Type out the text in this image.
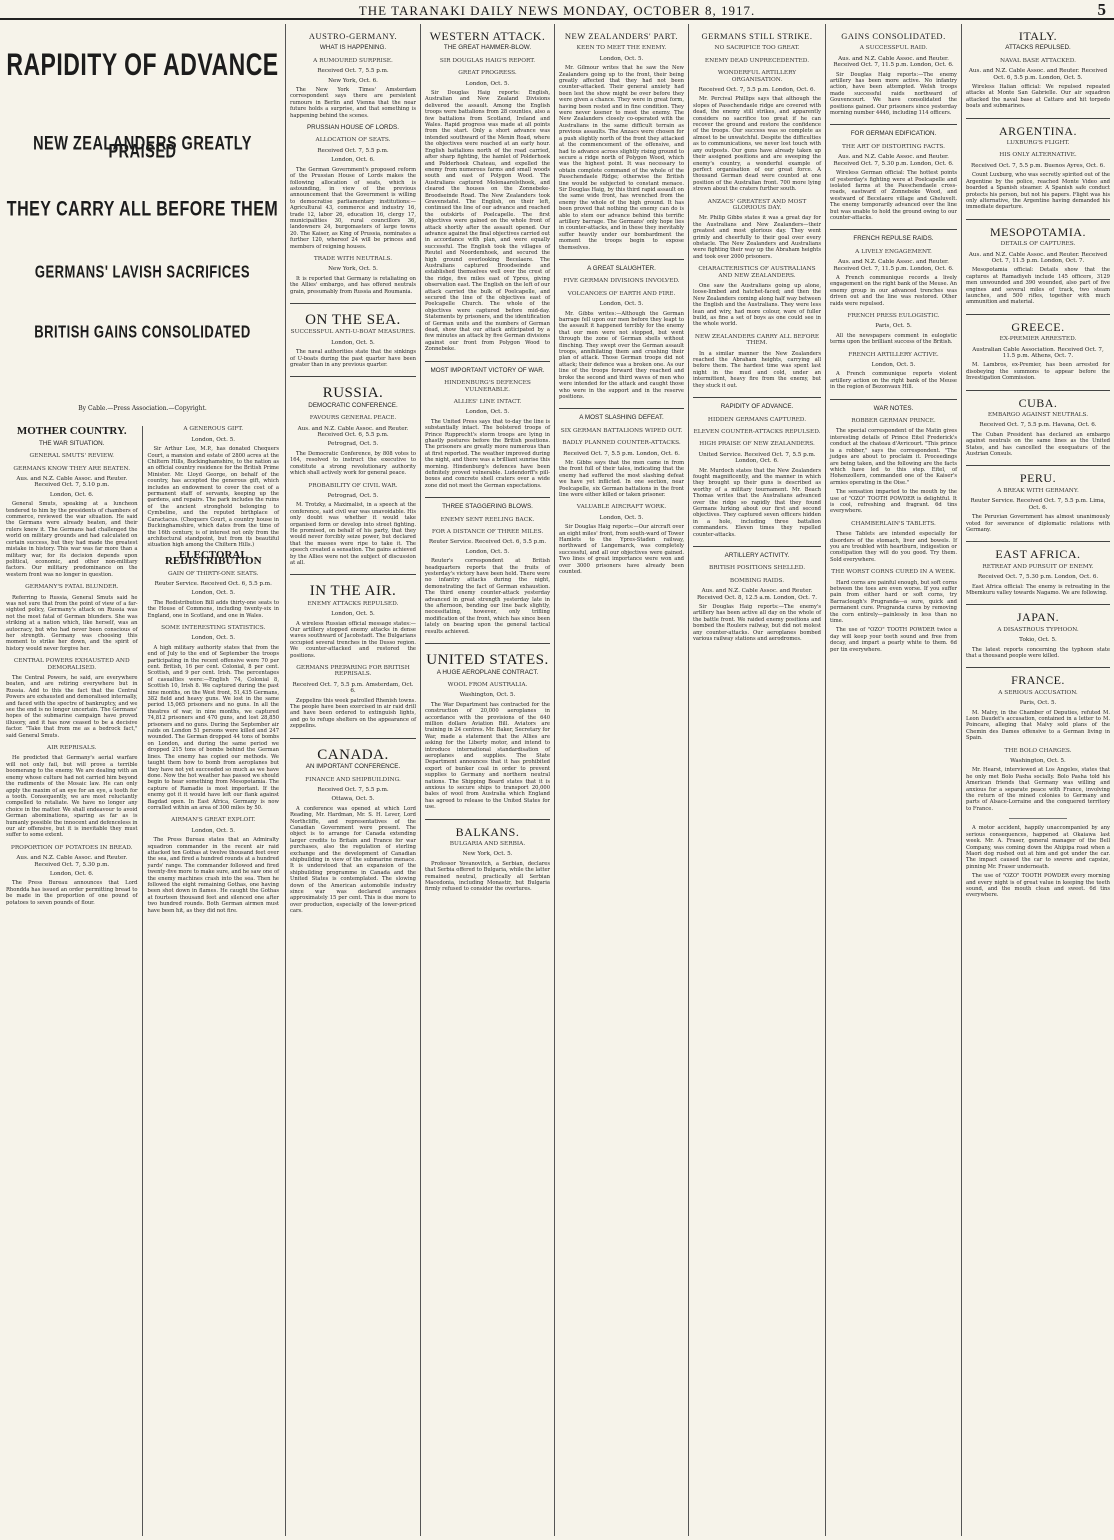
THE TARANAKI DAILY NEWS MONDAY, OCTOBER 8, 1917.	5
RAPIDITY OF ADVANCE
NEW ZEALANDERS GREATLY PRAISED
THEY CARRY ALL BEFORE THEM
GERMANS' LAVISH SACRIFICES
BRITISH GAINS CONSOLIDATED
By Cable.—Press Association.—Copyright.
MOTHER COUNTRY.
THE WAR SITUATION.
GENERAL SMUTS' REVIEW.
GERMANS KNOW THEY ARE BEATEN.
Aus. and N.Z. Cable Assoc. and Reuter. Received Oct. 7, 5.10 p.m.
London, Oct. 6.

General Smuts, speaking at a luncheon tendered to him by the presidents of chambers of commerce, reviewed the war situation. He said the Germans were already beaten, and their rulers knew it. The Germans had challenged the world on military grounds and had calculated on certain success, but they had made the greatest mistake in history. This war was far more than a military war, for its decision depends upon political, economic, and other non-military factors. Our military predominance on the western front was no longer in question.

GERMANY'S FATAL BLUNDER.

Referring to Russia, General Smuts said he was not sure that from the point of view of a far-sighted policy, Germany's attack on Russia was not the most fatal of German blunders. She was striking at a nation which, like herself, was an autocracy, but who had never been conscious of her strength. Germany was choosing this moment to strike her down, and the spirit of history would never forgive her.

CENTRAL POWERS EXHAUSTED AND DEMORALISED.

The Central Powers, he said, are everywhere beaten, and are retiring everywhere but in Russia. Add to this the fact that the Central Powers are exhausted and demoralised internally, and faced with the spectre of bankruptcy, and we see the end is no longer uncertain. The Germans' hopes of the submarine campaign have proved illusory, and it has now ceased to be a decisive factor. "Take that from me as a bedrock fact," said General Smuts.

AIR REPRISALS.

He predicted that Germany's aerial warfare will not only fail, but will prove a terrible boomerang to the enemy. We are dealing with an enemy whose culture had not carried him beyond the rudiments of the Mosaic law. He can only apply the maxim of an eye for an eye, a tooth for a tooth. Consequently, we are most reluctantly compelled to retaliate. We have no longer any choice in the matter. We shall endeavour to avoid German abominations, sparing as far as is humanly possible the innocent and defenceless in our air offensive, but it is inevitable they must suffer to some extent.

PROPORTION OF POTATOES IN BREAD.
Aus. and N.Z. Cable Assoc. and Reuter. Received Oct. 7, 5.30 p.m.
London, Oct. 6.

The Press Bureau announces that Lord Rhondda has issued an order permitting bread to be made in the proportion of one pound of potatoes to seven pounds of flour.

A GENEROUS GIFT.
London, Oct. 5.

Sir Arthur Lee, M.P., has donated Chequers Court, a mansion and estate of 2800 acres at the Chiltern Hills, Buckinghamshire, to the nation as an official country residence for the British Prime Minister. Mr. Lloyd George, on behalf of the country, has accepted the generous gift, which includes an endowment to cover the cost of a permanent staff of servants, keeping up the gardens, and repairs. The park includes the ruins of the ancient stronghold belonging to Cymbeline, and the reputed birthplace of Caractacus. (Chequers Court, a country house in Buckinghamshire, which dates from the time of the 16th century, is of interest not only from the architectural standpoint, but from its beautiful situation high among the Chiltern Hills.)

ELECTORAL REDISTRIBUTION
GAIN OF THIRTY-ONE SEATS.
Reuter Service. Received Oct. 6, 5.5 p.m.
London, Oct. 5.

The Redistribution Bill adds thirty-one seats to the House of Commons, including twenty-six in England, one in Scotland, and one in Wales.

SOME INTERESTING STATISTICS.
London, Oct. 5.

A high military authority states that from the end of July to the end of September the troops participating in the recent offensive were 70 per cent. British, 16 per cent. Colonial, 8 per cent. Scottish, and 9 per cent. Irish. The percentages of casualties were:—English 74, Colonial 8, Scottish 10, Irish 8. We captured during the past nine months, on the West front, 51,435 Germans, 382 field and heavy guns. We lost in the same period 15,065 prisoners and no guns. In all the theatres of war, in nine months, we captured 74,812 prisoners and 470 guns, and lost 28,850 prisoners and no guns. During the September air raids on London 51 persons were killed and 247 wounded. The German dropped 44 tons of bombs on London, and during the same period we dropped 215 tons of bombs behind the German lines. The enemy has copied our methods. We taught them how to bomb from aeroplanes but they have not yet succeeded so much as we have done. Now the hot weather has passed we should begin to hear something from Mesopotamia. The capture of Ramadie is most important. If the enemy got it it would have left our flank against Bagdad open. In East Africa, Germany is now corralled within an area of 300 miles by 50.

AIRMAN'S GREAT EXPLOIT.
London, Oct. 5.

The Press Bureau states that an Admiralty squadron commander in the recent air raid attacked ten Gothas at twelve thousand feet over the sea, and fired a hundred rounds at a hundred yards' range. The commander followed and fired twenty-five more to make sure, and he saw one of the enemy machines crash into the sea. Then he followed the eight remaining Gothas, one having been shot down in flames. He caught the Gothas at fourteen thousand feet and silenced one after two hundred rounds. Both German airmen must have been hit, as they did not fire.

AUSTRO-GERMANY.
WHAT IS HAPPENING.
A RUMOURED SURPRISE.
Received Oct. 7, 5.5 p.m.
New York, Oct. 6.

The New York Times' Amsterdam correspondent says there are persistent rumours in Berlin and Vienna that the near future holds a surprise, and that something is happening behind the scenes.

PRUSSIAN HOUSE OF LORDS.
ALLOCATION OF SEATS.
Received Oct. 7, 5.5 p.m.
London, Oct. 6.

The German Government's proposed reform of the Prussian House of Lords makes the following allocation of seats, which is astounding, in view of the previous announcement that the Government is willing to democratise parliamentary institutions:—Agricultural 43, commerce and industry 16, trade 12, labor 26, education 16, clergy 17, municipalities 30, rural councillors 36, landowners 24, burgomasters of large towns 20. The Kaiser, as King of Prussia, nominates a further 120, whereof 24 will be princes and members of reigning houses.

TRADE WITH NEUTRALS.
New York, Oct. 5.

It is reported that Germany is retaliating on the Allies' embargo, and has offered neutrals grain, presumably from Russia and Roumania.

ON THE SEA.
SUCCESSFUL ANTI-U-BOAT MEASURES.
London, Oct. 5.

The naval authorities state that the sinkings of U-boats during the past quarter have been greater than in any previous quarter.

RUSSIA.
DEMOCRATIC CONFERENCE.
FAVOURS GENERAL PEACE.
Aus. and N.Z. Cable Assoc. and Reuter. Received Oct. 6, 5.5 p.m.
Petrograd, Oct. 5.

The Democratic Conference, by 808 votes to 164, resolved to instruct the executive to constitute a strong revolutionary authority which shall actively work for general peace.

PROBABILITY OF CIVIL WAR.
Petrograd, Oct. 5.

M. Trotzky, a Maximalist, in a speech at the conference, said civil war was unavoidable. His only doubt was whether it would take organised form or develop into street fighting. He promised, on behalf of his party, that they would never forcibly seize power, but declared that the masses were ripe to take it. The speech created a sensation. The gains achieved by the Allies were not the subject of discussion at all.

IN THE AIR.
ENEMY ATTACKS REPULSED.
London, Oct. 5.

A wireless Russian official message states:—Our artillery stopped enemy attacks in dense waves southward of Jacobstadt. The Bulgarians occupied several trenches in the Dusso region. We counter-attacked and restored the positions.

GERMANS PREPARING FOR BRITISH REPRISALS.
Received Oct. 7, 5.5 p.m. Amsterdam, Oct. 6.

Zeppelins this week patrolled Rhenish towns. The people have been exercised in air raid drill and have been ordered to extinguish lights, and go to refuge shelters on the appearance of zeppelins.

CANADA.
AN IMPORTANT CONFERENCE.
FINANCE AND SHIPBUILDING.
Received Oct. 7, 5.5 p.m.
Ottawa, Oct. 5.

A conference was opened at which Lord Reading, Mr. Hardman, Mr. S. H. Lever, Lord Northcliffe, and representatives of the Canadian Government were present. The object is to arrange for Canada extending larger credits to Britain and France for war purchases, also the regulation of sterling exchange and the development of Canadian shipbuilding in view of the submarine menace. It is understood that an expansion of the shipbuilding programme in Canada and the United States is contemplated. The slowing down of the American automobile industry since war was declared averages approximately 15 per cent. This is due more to over production, especially of the lower-priced cars.

WESTERN ATTACK.
THE GREAT HAMMER-BLOW.
SIR DOUGLAS HAIG'S REPORT.
GREAT PROGRESS.
London, Oct. 5.

Sir Douglas Haig reports: English, Australian and New Zealand Divisions delivered the assault. Among the English troops were battalions from 28 counties, also a few battalions from Scotland, Ireland and Wales. Rapid progress was made at all points from the start. Only a short advance was intended southward of the Menin Road, where the objectives were reached at an early hour. English battalions north of the road carried, after sharp fighting, the hamlet of Polderhoek and Polderhoek Chateau, and expelled the enemy from numerous farms and small woods south and east of Polygon Wood. The Australians captured Molenaarelsthoek, and cleared the houses on the Zonnebeke-Broodseinde Road. The New Zealanders took Gravenstafel. The English, on their left, continued the line of our advance and reached the outskirts of Poelcapelle. The first objectives were gained on the whole front of attack shortly after the assault opened. Our advance against the final objectives carried out in accordance with plan, and were equally successful. The English took the villages of Reutel and Noordemhoek, and secured the high ground overlooking Becelaere. The Australians captured Broodseinde and established themselves well over the crest of the ridge, five miles east of Ypres, giving observation east. The English on the left of our attack carried the bulk of Poelcapelle, and secured the line of the objectives east of Poelcapelle Church. The whole of the objectives were captured before mid-day. Statements by prisoners, and the identification of German units and the numbers of German dead, show that our attack anticipated by a few minutes an attack by five German divisions against our front from Polygon Wood to Zonnebeke.

MOST IMPORTANT VICTORY OF WAR.
HINDENBURG'S DEFENCES VULNERABLE.
ALLIES' LINE INTACT.
London, Oct. 5.

The United Press says that to-day the line is substantially intact. The bolstered troops of Prince Rupprecht's storm troops are lying in ghastly postures before the British positions. The prisoners are greatly more numerous than at first reported. The weather improved during the night, and there was a brilliant sunrise this morning. Hindenburg's defences have been definitely proved vulnerable. Ludendorff's pill-boxes and concrete shell craters over a wide zone did not meet the German expectations.

THREE STAGGERING BLOWS.
ENEMY SENT REELING BACK.
FOR A DISTANCE OF THREE MILES.
Reuter Service. Received Oct. 6, 5.5 p.m.
London, Oct. 5.

Reuter's correspondent at British headquarters reports that the fruits of yesterday's victory have been held. There were no infantry attacks during the night, demonstrating the fact of German exhaustion. The third enemy counter-attack yesterday advanced in great strength yesterday late in the afternoon, bending our line back slightly, necessitating, however, only trifling modification of the front, which has since been lately on bearing upon the general tactical results achieved.

UNITED STATES.
A HUGE AEROPLANE CONTRACT.
WOOL FROM AUSTRALIA.
Washington, Oct. 5.

The War Department has contracted for the construction of 20,000 aeroplanes in accordance with the provisions of the 640 million dollars Aviation Bill. Aviators are training in 24 centres. Mr. Baker, Secretary for War, made a statement that the Allies are asking for the Liberty motor, and intend to introduce international standardisation of aeroplanes and supplies. The State Department announces that it has prohibited export of bunker coal in order to prevent supplies to Germany and northern neutral nations. The Shipping Board states that it is anxious to secure ships to transport 20,000 bales of wool from Australia which England has agreed to release to the United States for use.

BALKANS.
BULGARIA AND SERBIA.
New York, Oct. 5.

Professor Yovanovitch, a Serbian, declares that Serbia offered to Bulgaria, while the latter remained neutral, practically all Serbian Macedonia, including Monastir, but Bulgaria firmly refused to consider the overtures.

NEW ZEALANDERS' PART.
KEEN TO MEET THE ENEMY.
London, Oct. 5.

Mr. Gilmour writes that he saw the New Zealanders going up to the front, their being greatly affected that they had not been counter-attacked. Their general anxiety had been lest the show might be over before they were given a chance. They were in great form, having been rested and in fine condition. They were never keener to meet the enemy. The New Zealanders closely co-operated with the Australians in the same difficult terrain as previous assaults. The Anzacs were chosen for a push slightly north of the front they attacked at the commencement of the offensive, and had to advance across slightly rising ground to secure a ridge north of Polygon Wood, which was the highest point. It was necessary to obtain complete command of the whole of the Passchendaele Ridge; otherwise the British line would be subjected to constant menace. Sir Douglas Haig, by this third rapid assault on the same wide front, has wrenched from the enemy the whole of the high ground. It has been proved that nothing the enemy can do is able to stem our advance behind this terrific artillery barrage. The Germans' only hope lies in counter-attacks, and in these they inevitably suffer heavily under our bombardment the moment the troops begin to expose themselves.

A GREAT SLAUGHTER.
FIVE GERMAN DIVISIONS INVOLVED.
VOLCANOES OF EARTH AND FIRE.
London, Oct. 5.

Mr. Gibbs writes:—Although the German barrage fell upon our men before they leapt to the assault it happened terribly for the enemy that our men were not stopped, but went through the zone of German shells without flinching. They swept over the German assault troops, annihilating them and crushing their plan of attack. Those German troops did not attack; their defence was a broken one. As our line of the troops forward they reached and broke the second and third waves of men who were intended for the attack and caught those who were in the support and in the reserve positions.

A MOST SLASHING DEFEAT.
SIX GERMAN BATTALIONS WIPED OUT.
BADLY PLANNED COUNTER-ATTACKS.
Received Oct. 7, 5.5 p.m. London, Oct. 6.

Mr. Gibbs says that the men came in from the front full of their tales, indicating that the enemy had suffered the most slashing defeat we have yet inflicted. In one section, near Poelcapelle, six German battalions in the front line were either killed or taken prisoner.

VALUABLE AIRCRAFT WORK.
London, Oct. 5.

Sir Douglas Haig reports:—Our aircraft over an eight miles' front, from south-ward of Tower Hamlets to the Ypres-Staden railway, northward of Langemarck, was completely successful, and all our objectives were gained. Two lines of great importance were won and over 3000 prisoners have already been counted.

GERMANS STILL STRIKE.
NO SACRIFICE TOO GREAT.
ENEMY DEAD UNPRECEDENTED.
WONDERFUL ARTILLERY ORGANISATION.
Received Oct. 7, 5.5 p.m. London, Oct. 6.

Mr. Percival Phillips says that although the slopes of Passchendaele ridge are covered with dead, the enemy still strikes, and apparently considers no sacrifice too great if he can recover the ground and restore the confidence of the troops. Our success was so complete as almost to be unwatchful. Despite the difficulties as to communications, we never lost touch with any outposts. Our guns have already taken up their assigned positions and are sweeping the enemy's country, a wonderful example of perfect organisation of our great force. A thousand German dead were counted at one position of the Australian front. 700 more lying strewn about the craters further south.

ANZACS' GREATEST AND MOST GLORIOUS DAY.

Mr. Philip Gibbs states it was a great day for the Australians and New Zealanders—their greatest and most glorious day. They went grimly and cheerfully to their goal over every obstacle. The New Zealanders and Australians were fighting their way up the Abraham heights and took over 2000 prisoners.

CHARACTERISTICS OF AUSTRALIANS AND NEW ZEALANDERS.

One saw the Australians going up alone, loose-limbed and hatchet-faced; and then the New Zealanders coming along half way between the English and the Australians. They were less lean and wiry, had more colour, ware of fuller build, as fine a set of boys as one could see in the whole world.

NEW ZEALANDERS CARRY ALL BEFORE THEM.

In a similar manner the New Zealanders reached the Abraham heights, carrying all before them. The hardest time was spent last night in the mud and cold, under an intermittent, heavy fire from the enemy, but they stuck it out.

RAPIDITY OF ADVANCE.
HIDDEN GERMANS CAPTURED.
ELEVEN COUNTER-ATTACKS REPULSED.
HIGH PRAISE OF NEW ZEALANDERS.
United Service. Received Oct. 7, 5.5 p.m. London, Oct. 6.

Mr. Murdoch states that the New Zealanders fought magnificently, and the manner in which they brought up their guns is described as worthy of a military tournament. Mr. Beach Thomas writes that the Australians advanced over the ridge so rapidly that they found Germans lurking about our first and second objectives. They captured seven officers hidden in a hole, including three battalion commanders. Eleven times they repelled counter-attacks.

ARTILLERY ACTIVITY.
BRITISH POSITIONS SHELLED.
BOMBING RAIDS.
Aus. and N.Z. Cable Assoc. and Reuter. Received Oct. 8, 12.5 a.m. London, Oct. 7.

Sir Douglas Haig reports:—The enemy's artillery has been active all day on the whole of the battle front. We raided enemy positions and bombed the Roulers railway, but did not molest any counter-attacks. Our aeroplanes bombed various railway stations and aerodromes.

GAINS CONSOLIDATED.
A SUCCESSFUL RAID.
Aus. and N.Z. Cable Assoc. and Reuter. Received Oct. 7, 11.5 p.m. London, Oct. 6.

Sir Douglas Haig reports:—The enemy artillery has been more active. No infantry action, have been attempted. Welsh troops made successful raids northward of Gouvencourt. We have consolidated the positions gained. Our prisoners since yesterday morning number 4446, including 114 officers.

FOR GERMAN EDIFICATION.
THE ART OF DISTORTING FACTS.
Aus. and N.Z. Cable Assoc. and Reuter. Received Oct. 7, 5.30 p.m. London, Oct. 6.

Wireless German official: The hottest points of yesterday's fighting were at Poelcapelle and isolated farms at the Passchendaele cross-roads, eastward of Zonnebeke Wood, and westward of Becelaere village and Gheluvelt. The enemy temporarily advanced over the line but was unable to hold the ground owing to our counter-attacks.

FRENCH REPULSE RAIDS.
A LIVELY ENGAGEMENT.
Aus. and N.Z. Cable Assoc. and Reuter. Received Oct. 7, 11.5 p.m. London, Oct. 6.

A French communique records a lively engagement on the right bank of the Meuse. An enemy group in our advanced trenches was driven out and the line was restored. Other raids were repulsed.

FRENCH PRESS EULOGISTIC.
Paris, Oct. 5.

All the newspapers comment in eulogistic terms upon the brilliant success of the British.

FRENCH ARTILLERY ACTIVE.
London, Oct. 5.

A French communique reports violent artillery action on the right bank of the Meuse in the region of Bezonvaux Hill.

WAR NOTES.
ROBBER GERMAN PRINCE.

The special correspondent of the Matin gives interesting details of Prince Eitel Frederick's conduct at the chateau d'Avricourt. "This prince is a robber," says the correspondent. "The judges are about to proclaim it. Proceedings are being taken, and the following are the facts which have led to this step. Eitel, of Hohenzollern, commanded one of the Kaiser's armies operating in the Oise."

The sensation imparted to the mouth by the use of "OZO" TOOTH POWDER is delightful. It is cool, refreshing and fragrant. 6d tins everywhere.

CHAMBERLAIN'S TABLETS.

These Tablets are intended especially for disorders of the stomach, liver and bowels. If you are troubled with heartburn, indigestion or constipation they will do you good. Try them. Sold everywhere.

THE WORST CORNS CURED IN A WEEK.

Hard corns are painful enough, but soft corns between the toes are even worse. If you suffer pain from either hard or soft corns, try Barraclough's Prugranda—a sure, quick and permanent cure. Prugranda cures by removing the corn entirely—painlessly in less than no time.

The use of "OZO" TOOTH POWDER twice a day will keep your teeth sound and free from decay, and impart a pearly white to them. 6d per tin everywhere.

ITALY.
ATTACKS REPULSED.
NAVAL BASE ATTACKED.
Aus. and N.Z. Cable Assoc. and Reuter. Received Oct. 6, 5.5 p.m. London, Oct. 5.

Wireless Italian official: We repulsed repeated attacks at Monte San Gabrielle. Our air squadron attacked the naval base at Cattaro and hit torpedo boats and submarines.

ARGENTINA.
LUXBURG'S FLIGHT.
HIS ONLY ALTERNATIVE.
Received Oct. 7, 5.5 p.m. Buenos Ayres, Oct. 6.

Count Luxburg, who was secretly spirited out of the Argentine by the police, reached Monte Video and boarded a Spanish steamer. A Spanish safe conduct protects his person, but not his papers. Flight was his only alternative, the Argentine having demanded his immediate departure.

MESOPOTAMIA.
DETAILS OF CAPTURES.
Aus. and N.Z. Cable Assoc. and Reuter. Received Oct. 7, 11.5 p.m. London, Oct. 7.

Mesopotamia official: Details show that the captures at Ramadiyeh include 145 officers, 3129 men unwounded and 390 wounded, also part of five engines and several miles of track, two steam launches, and 500 rifles, together with much ammunition and material.

GREECE.
EX-PREMIER ARRESTED.
Australian Cable Association. Received Oct. 7, 11.5 p.m. Athens, Oct. 7.

M. Lambros, ex-Premier, has been arrested for disobeying the summons to appear before the Investigation Commission.

CUBA.
EMBARGO AGAINST NEUTRALS.
Received Oct. 7, 5.5 p.m. Havana, Oct. 6.

The Cuban President has declared an embargo against neutrals on the same lines as the United States, and has cancelled the exequaturs of the Austrian Consuls.

PERU.
A BREAK WITH GERMANY.
Reuter Service. Received Oct. 7, 5.5 p.m. Lima, Oct. 6.

The Peruvian Government has almost unanimously voted for severance of diplomatic relations with Germany.

EAST AFRICA.
RETREAT AND PURSUIT OF ENEMY.
Received Oct. 7, 5.30 p.m. London, Oct. 6.

East Africa official: The enemy is retreating in the Mbemkuru valley towards Nagamo. We are following.

JAPAN.
A DISASTROUS TYPHOON.
Tokio, Oct. 5.

The latest reports concerning the typhoon state that a thousand people were killed.

FRANCE.
A SERIOUS ACCUSATION.
Paris, Oct. 5.

M. Malvy, in the Chamber of Deputies, refuted M. Leon Daudet's accusation, contained in a letter to M. Poincare, alleging that Malvy sold plans of the Chemin des Dames offensive to a German living in Spain.

THE BOLO CHARGES.
Washington, Oct. 5.

Mr. Hearst, interviewed at Los Angeles, states that he only met Bolo Pasha socially. Bolo Pasha told his American friends that Germany was willing and anxious for a separate peace with France, involving the return of the mined colonies to Germany and parts of Alsace-Lorraine and the conquered territory to France.

A motor accident, happily unaccompanied by any serious consequences, happened at Okaiawa last week. Mr. A. Fraser, general manager of the Bell Company, was coming down the Ahipipa road when a Maori dog rushed out at him and got under the car. The impact caused the car to swerve and capsize, pinning Mr. Fraser underneath.

The use of "OZO" TOOTH POWDER every morning and every night is of great value in keeping the teeth sound, and the mouth clean and sweet. 6d tins everywhere.
